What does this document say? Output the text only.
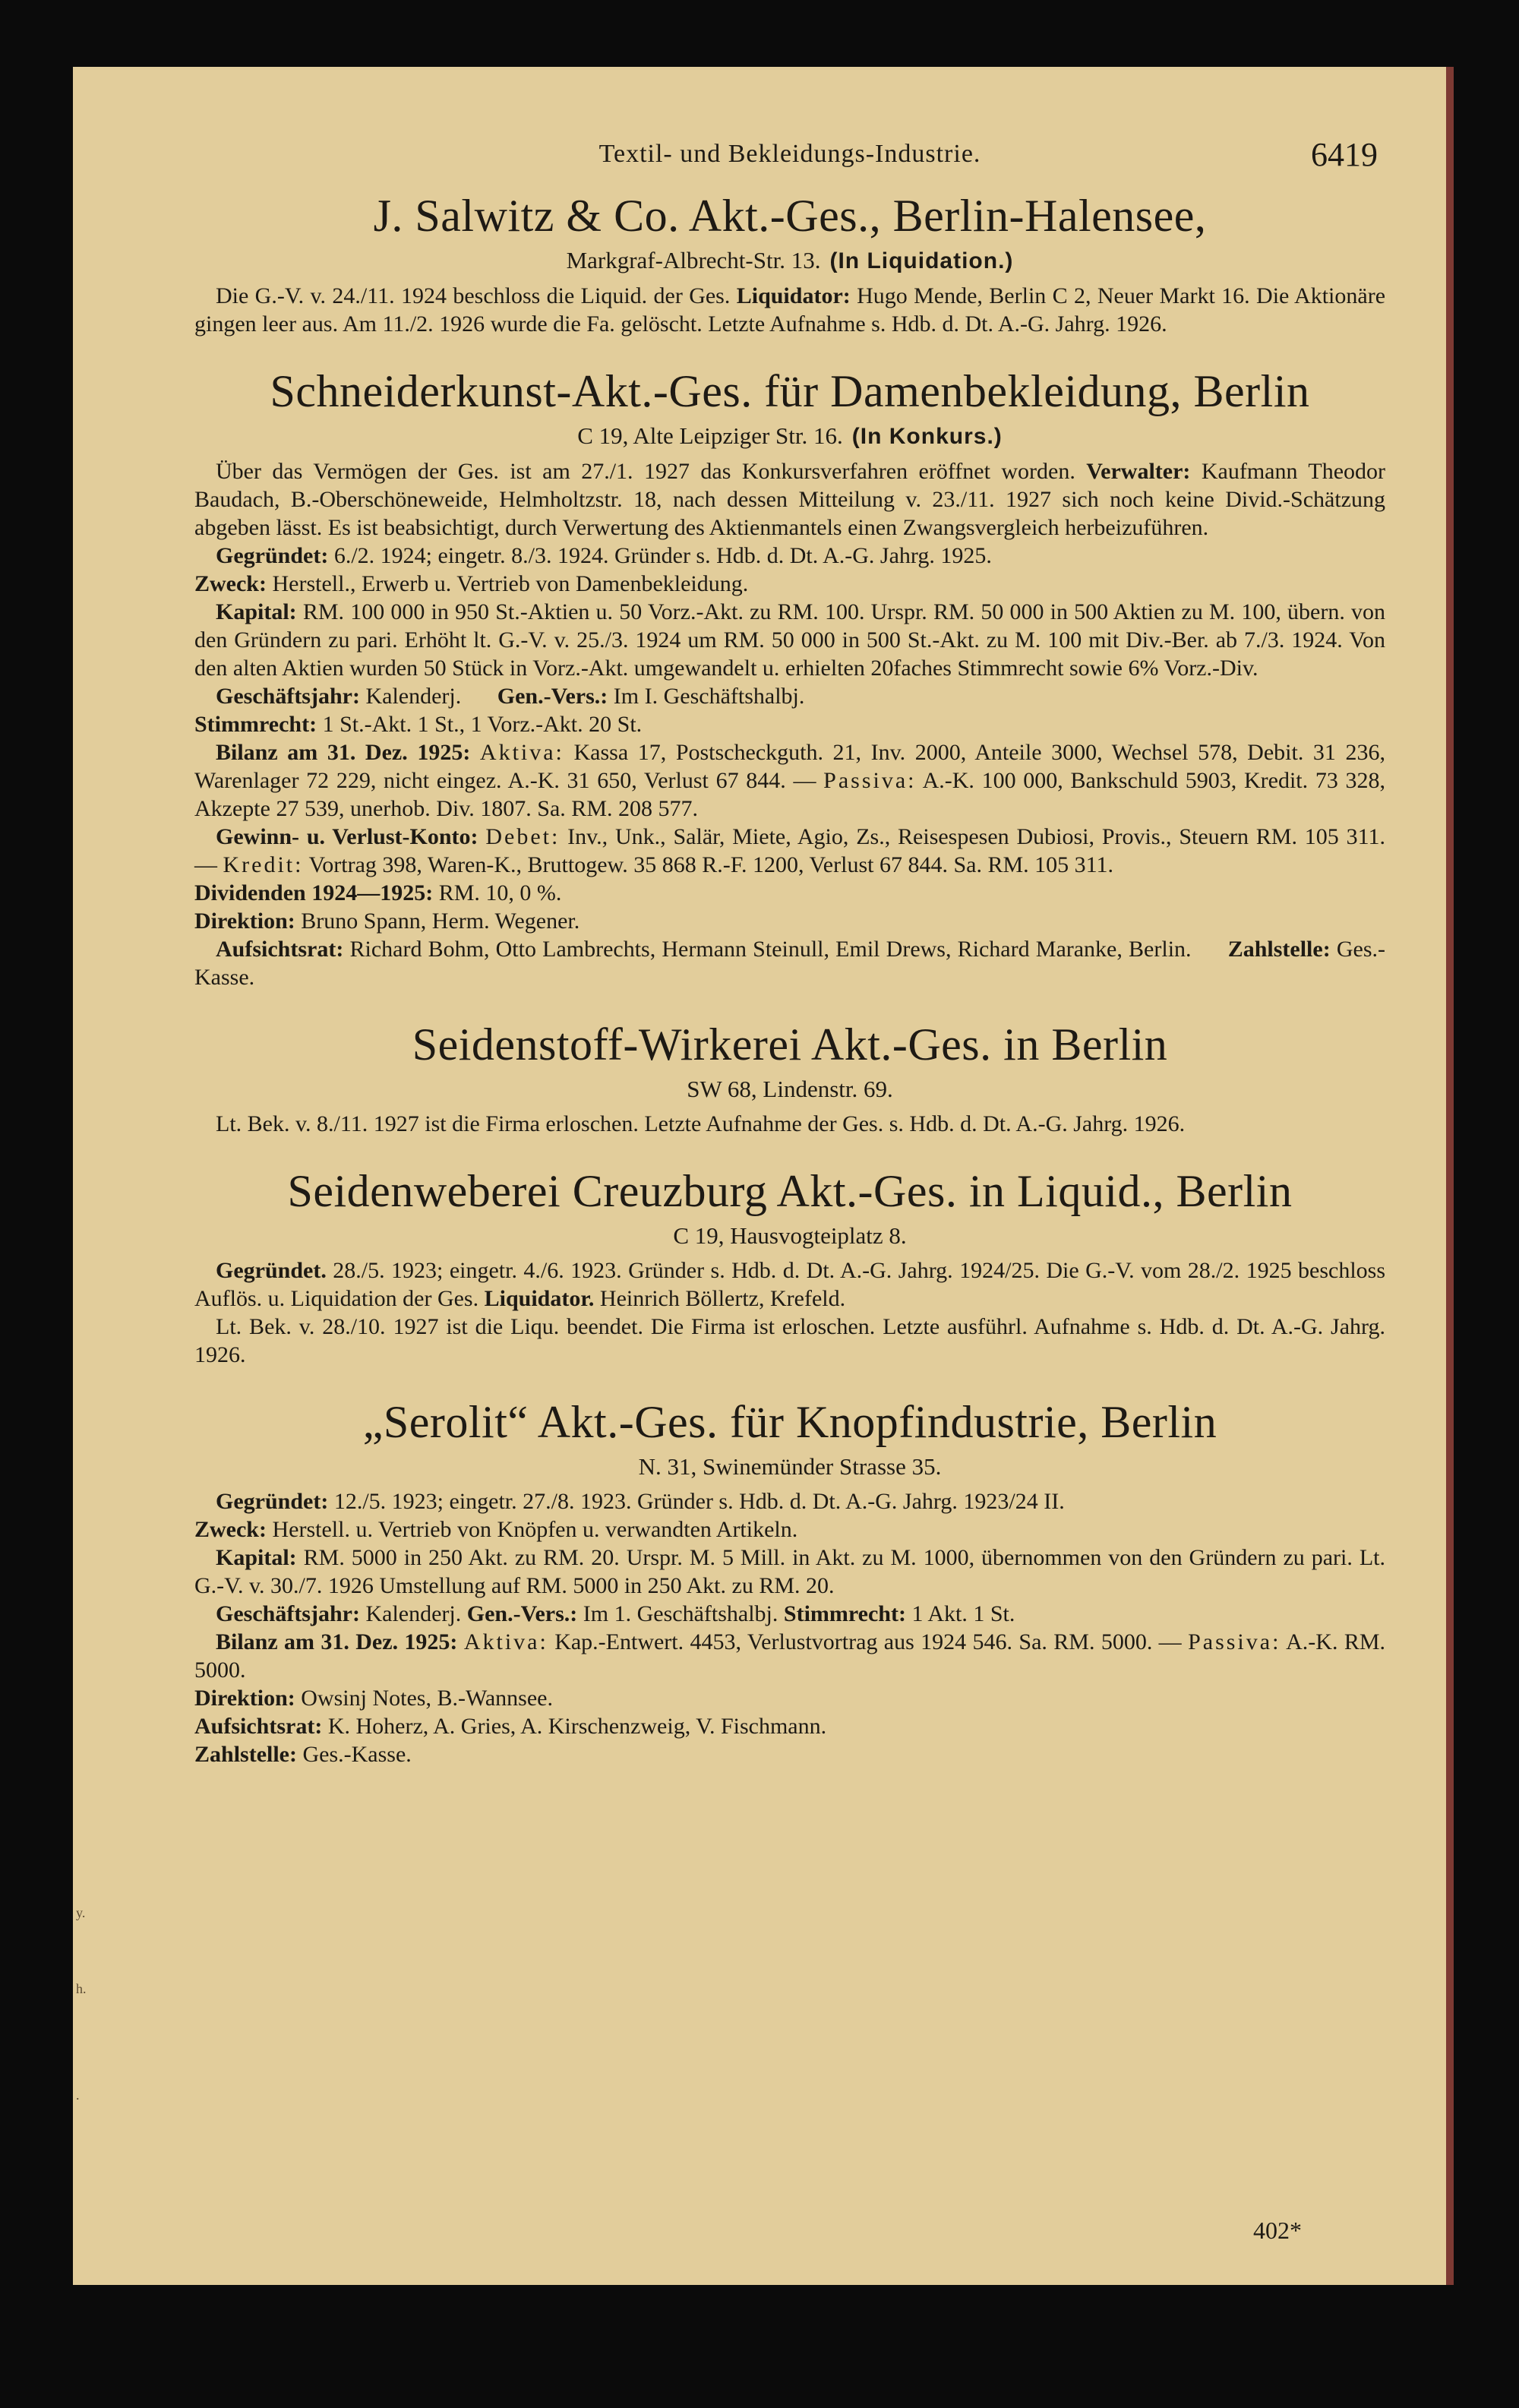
y.
h.
.
Textil- und Bekleidungs-Industrie.	6419
J. Salwitz & Co. Akt.-Ges., Berlin-Halensee,
Markgraf-Albrecht-Str. 13. (In Liquidation.)

Die G.-V. v. 24./11. 1924 beschloss die Liquid. der Ges. Liquidator: Hugo Mende, Berlin C 2, Neuer Markt 16. Die Aktionäre gingen leer aus. Am 11./2. 1926 wurde die Fa. gelöscht. Letzte Aufnahme s. Hdb. d. Dt. A.-G. Jahrg. 1926.

Schneiderkunst-Akt.-Ges. für Damenbekleidung, Berlin
C 19, Alte Leipziger Str. 16. (In Konkurs.)

Über das Vermögen der Ges. ist am 27./1. 1927 das Konkursverfahren eröffnet worden. Verwalter: Kaufmann Theodor Baudach, B.-Oberschöneweide, Helmholtzstr. 18, nach dessen Mitteilung v. 23./11. 1927 sich noch keine Divid.-Schätzung abgeben lässt. Es ist beabsichtigt, durch Verwertung des Aktienmantels einen Zwangsvergleich herbeizuführen.

Gegründet: 6./2. 1924; eingetr. 8./3. 1924. Gründer s. Hdb. d. Dt. A.-G. Jahrg. 1925.
Zweck: Herstell., Erwerb u. Vertrieb von Damenbekleidung.

Kapital: RM. 100 000 in 950 St.-Aktien u. 50 Vorz.-Akt. zu RM. 100. Urspr. RM. 50 000 in 500 Aktien zu M. 100, übern. von den Gründern zu pari. Erhöht lt. G.-V. v. 25./3. 1924 um RM. 50 000 in 500 St.-Akt. zu M. 100 mit Div.-Ber. ab 7./3. 1924. Von den alten Aktien wurden 50 Stück in Vorz.-Akt. umgewandelt u. erhielten 20faches Stimmrecht sowie 6% Vorz.-Div.

Geschäftsjahr: Kalenderj. Gen.-Vers.: Im I. Geschäftshalbj.
Stimmrecht: 1 St.-Akt. 1 St., 1 Vorz.-Akt. 20 St.

Bilanz am 31. Dez. 1925: Aktiva: Kassa 17, Postscheckguth. 21, Inv. 2000, Anteile 3000, Wechsel 578, Debit. 31 236, Warenlager 72 229, nicht eingez. A.-K. 31 650, Verlust 67 844. — Passiva: A.-K. 100 000, Bankschuld 5903, Kredit. 73 328, Akzepte 27 539, unerhob. Div. 1807. Sa. RM. 208 577.

Gewinn- u. Verlust-Konto: Debet: Inv., Unk., Salär, Miete, Agio, Zs., Reisespesen Dubiosi, Provis., Steuern RM. 105 311. — Kredit: Vortrag 398, Waren-K., Bruttogew. 35 868 R.-F. 1200, Verlust 67 844. Sa. RM. 105 311.
Dividenden 1924—1925: RM. 10, 0 %.
Direktion: Bruno Spann, Herm. Wegener.

Aufsichtsrat: Richard Bohm, Otto Lambrechts, Hermann Steinull, Emil Drews, Richard Maranke, Berlin. Zahlstelle: Ges.-Kasse.

Seidenstoff-Wirkerei Akt.-Ges. in Berlin
SW 68, Lindenstr. 69.

Lt. Bek. v. 8./11. 1927 ist die Firma erloschen. Letzte Aufnahme der Ges. s. Hdb. d. Dt. A.-G. Jahrg. 1926.

Seidenweberei Creuzburg Akt.-Ges. in Liquid., Berlin
C 19, Hausvogteiplatz 8.

Gegründet. 28./5. 1923; eingetr. 4./6. 1923. Gründer s. Hdb. d. Dt. A.-G. Jahrg. 1924/25. Die G.-V. vom 28./2. 1925 beschloss Auflös. u. Liquidation der Ges. Liquidator. Heinrich Böllertz, Krefeld.

Lt. Bek. v. 28./10. 1927 ist die Liqu. beendet. Die Firma ist erloschen. Letzte ausführl. Aufnahme s. Hdb. d. Dt. A.-G. Jahrg. 1926.

„Serolit“ Akt.-Ges. für Knopfindustrie, Berlin
N. 31, Swinemünder Strasse 35.

Gegründet: 12./5. 1923; eingetr. 27./8. 1923. Gründer s. Hdb. d. Dt. A.-G. Jahrg. 1923/24 II.
Zweck: Herstell. u. Vertrieb von Knöpfen u. verwandten Artikeln.

Kapital: RM. 5000 in 250 Akt. zu RM. 20. Urspr. M. 5 Mill. in Akt. zu M. 1000, übernommen von den Gründern zu pari. Lt. G.-V. v. 30./7. 1926 Umstellung auf RM. 5000 in 250 Akt. zu RM. 20.

Geschäftsjahr: Kalenderj. Gen.-Vers.: Im 1. Geschäftshalbj. Stimmrecht: 1 Akt. 1 St.

Bilanz am 31. Dez. 1925: Aktiva: Kap.-Entwert. 4453, Verlustvortrag aus 1924 546. Sa. RM. 5000. — Passiva: A.-K. RM. 5000.
Direktion: Owsinj Notes, B.-Wannsee.
Aufsichtsrat: K. Hoherz, A. Gries, A. Kirschenzweig, V. Fischmann.
Zahlstelle: Ges.-Kasse.

402*
